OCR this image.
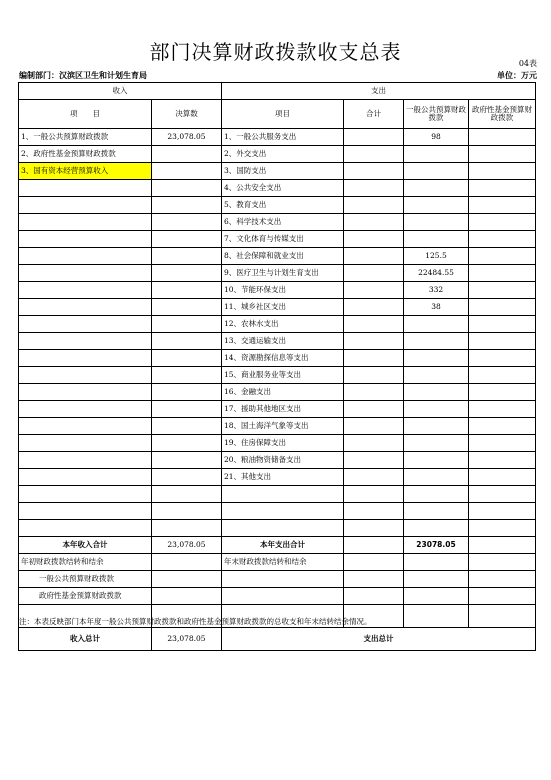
部门决算财政拨款收支总表	04表
编制部门：汉滨区卫生和计划生育局	单位：万元
收入		支出			
项　　目	决算数	项目	合计	一般公共预算财政拨款	政府性基金预算财政拨款
1、一般公共预算财政拨款	23,078.05	1、一般公共服务支出		98	
2、政府性基金预算财政拨款		2、外交支出			
3、国有资本经营预算收入		3、国防支出			
		4、公共安全支出			
		5、教育支出			
		6、科学技术支出			
		7、文化体育与传媒支出			
		8、社会保障和就业支出		125.5	
		9、医疗卫生与计划生育支出		22484.55	
		10、节能环保支出		332	
		11、城乡社区支出		38	
		12、农林水支出			
		13、交通运输支出			
		14、资源勘探信息等支出			
		15、商业服务业等支出			
		16、金融支出			
		17、援助其他地区支出			
		18、国土海洋气象等支出			
		19、住房保障支出			
		20、粮油物资储备支出			
		21、其他支出			

本年收入合计	23,078.05	本年支出合计		23078.05	
年初财政拨款结转和结余		年末财政拨款结转和结余			
一般公共预算财政拨款					
政府性基金预算财政拨款					

收入总计	23,078.05	支出总计			
注：本表反映部门本年度一般公共预算财政拨款和政府性基金预算财政拨款的总收支和年末结转结余情况。
